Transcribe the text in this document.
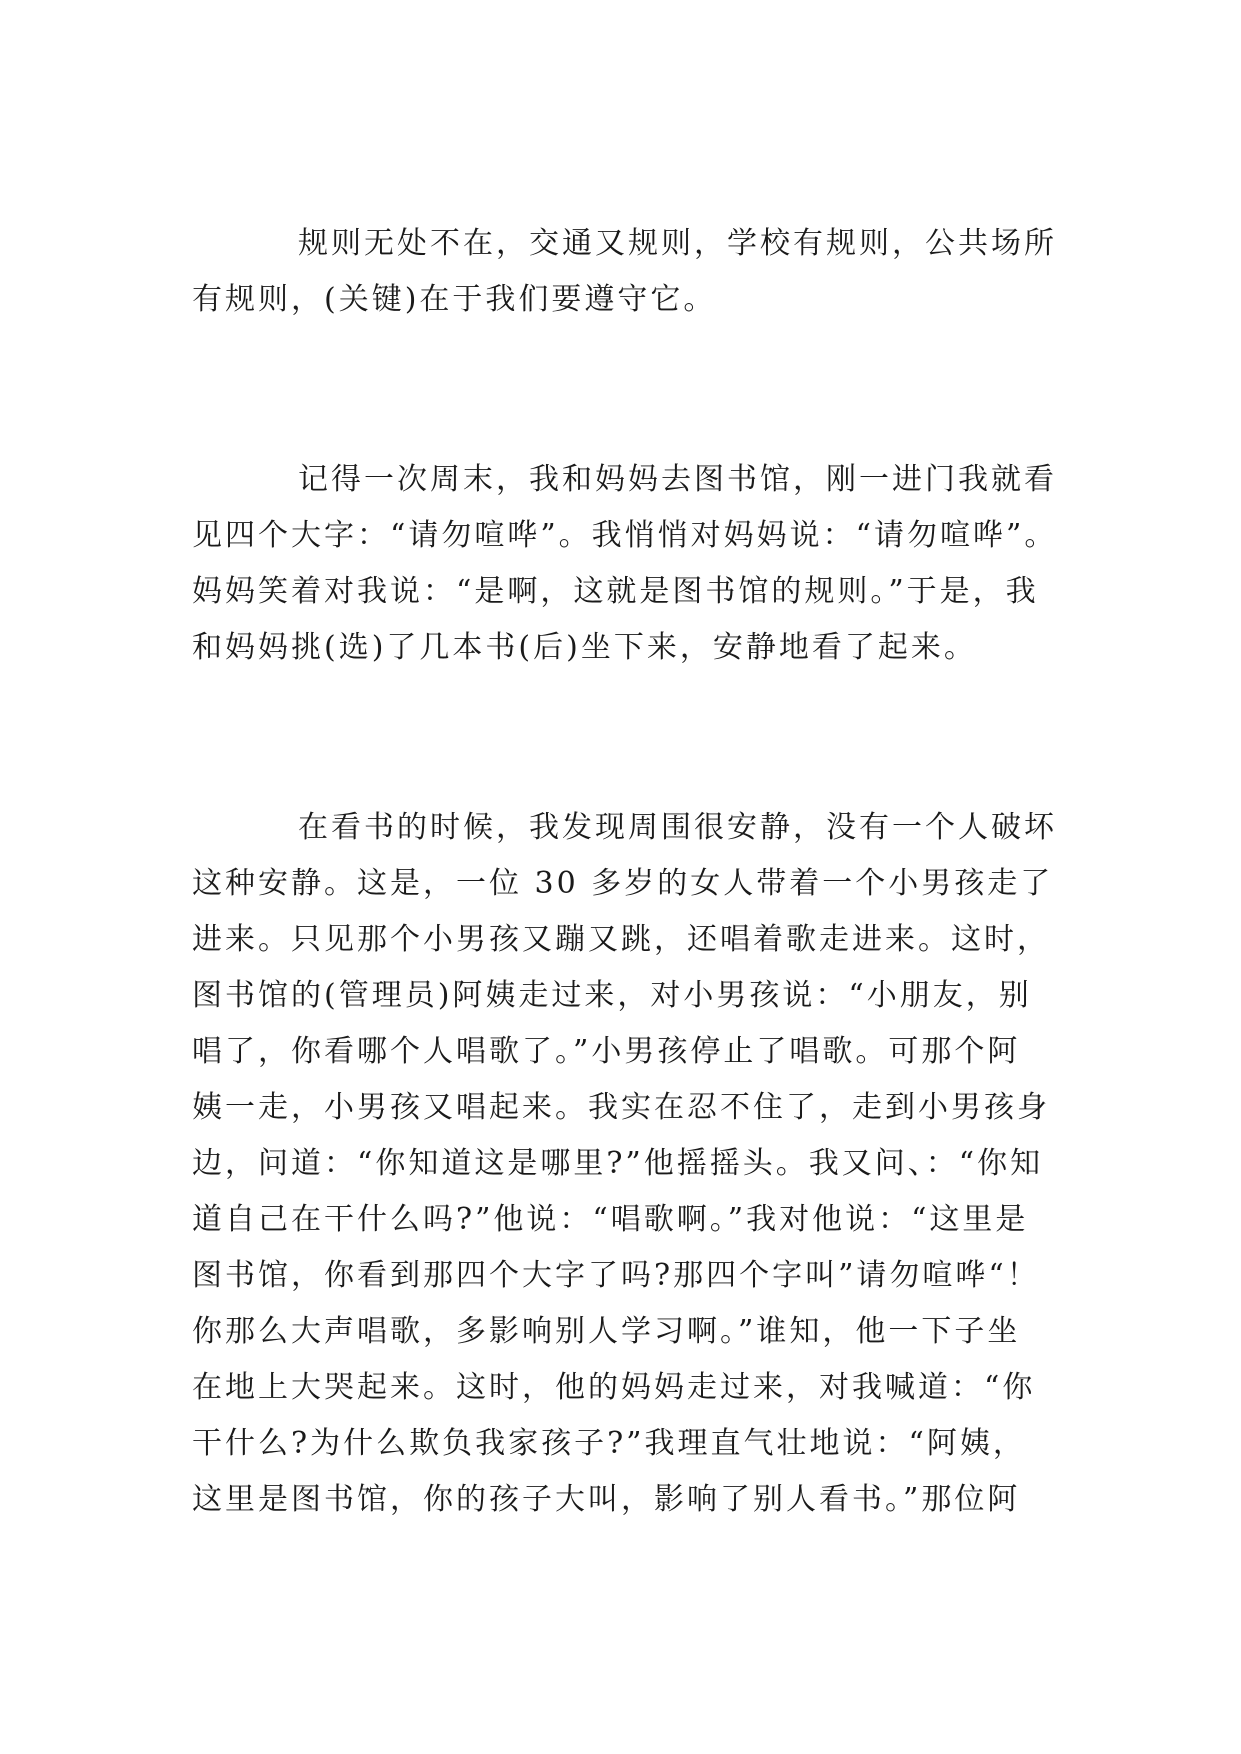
规则无处不在，交通又规则，学校有规则，公共场所
有规则，(关键)在于我们要遵守它。
记得一次周末，我和妈妈去图书馆，刚一进门我就看
见四个大字：“请勿喧哗”。我悄悄对妈妈说：“请勿喧哗”。
妈妈笑着对我说：“是啊，这就是图书馆的规则。”于是，我
和妈妈挑(选)了几本书(后)坐下来，安静地看了起来。
在看书的时候，我发现周围很安静，没有一个人破坏
这种安静。这是，一位 30 多岁的女人带着一个小男孩走了
进来。只见那个小男孩又蹦又跳，还唱着歌走进来。这时，
图书馆的(管理员)阿姨走过来，对小男孩说：“小朋友，别
唱了，你看哪个人唱歌了。”小男孩停止了唱歌。可那个阿
姨一走，小男孩又唱起来。我实在忍不住了，走到小男孩身
边，问道：“你知道这是哪里?”他摇摇头。我又问、：“你知
道自己在干什么吗?”他说：“唱歌啊。”我对他说：“这里是
图书馆，你看到那四个大字了吗?那四个字叫”请勿喧哗“！
你那么大声唱歌，多影响别人学习啊。”谁知，他一下子坐
在地上大哭起来。这时，他的妈妈走过来，对我喊道：“你
干什么?为什么欺负我家孩子?”我理直气壮地说：“阿姨，
这里是图书馆，你的孩子大叫，影响了别人看书。”那位阿
